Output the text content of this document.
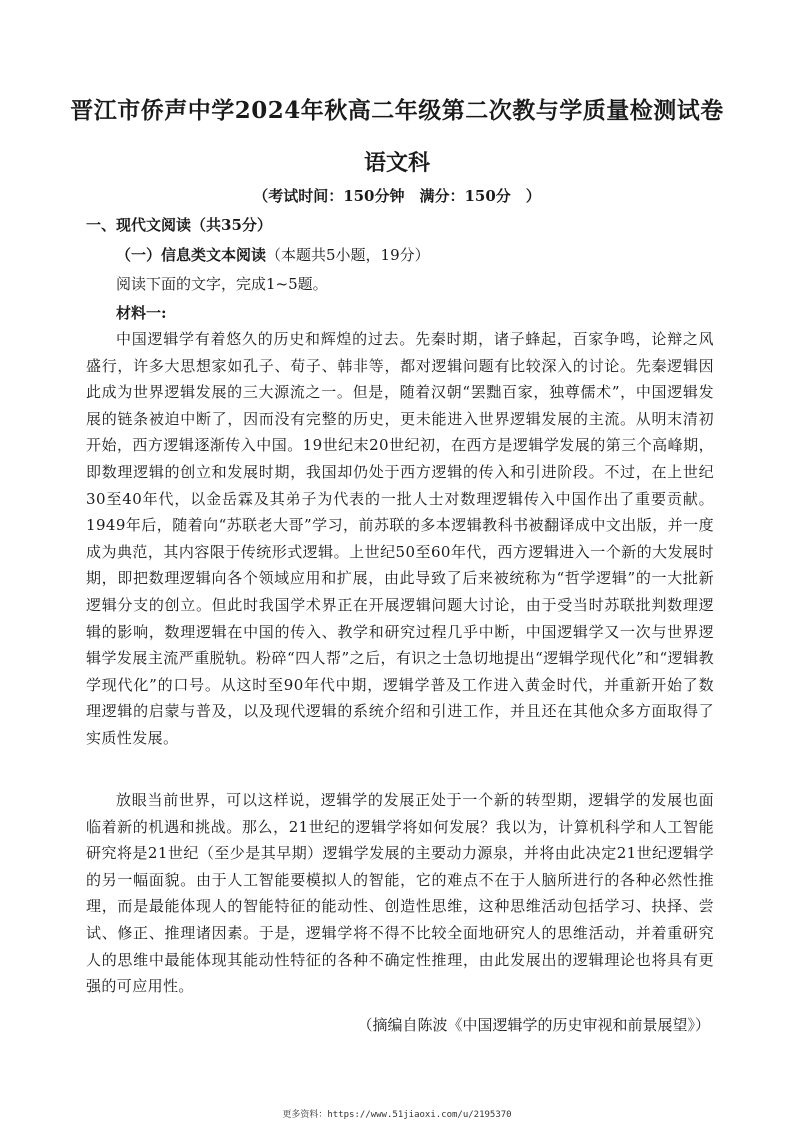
晋江市侨声中学2024年秋高二年级第二次教与学质量检测试卷
语文科
（考试时间：150分钟　满分：150分　）
一、现代文阅读（共35分）
（一）信息类文本阅读（本题共5小题，19分）
阅读下面的文字，完成1~5题。
材料一:
中国逻辑学有着悠久的历史和辉煌的过去。先秦时期，诸子蜂起，百家争鸣，论辩之风盛行，许多大思想家如孔子、荀子、韩非等，都对逻辑问题有比较深入的讨论。先秦逻辑因此成为世界逻辑发展的三大源流之一。但是，随着汉朝“罢黜百家，独尊儒术”，中国逻辑发展的链条被迫中断了，因而没有完整的历史，更未能进入世界逻辑发展的主流。从明末清初开始，西方逻辑逐渐传入中国。19世纪末20世纪初，在西方是逻辑学发展的第三个高峰期，即数理逻辑的创立和发展时期，我国却仍处于西方逻辑的传入和引进阶段。不过，在上世纪30至40年代，以金岳霖及其弟子为代表的一批人士对数理逻辑传入中国作出了重要贡献。1949年后，随着向“苏联老大哥”学习，前苏联的多本逻辑教科书被翻译成中文出版，并一度成为典范，其内容限于传统形式逻辑。上世纪50至60年代，西方逻辑进入一个新的大发展时期，即把数理逻辑向各个领域应用和扩展，由此导致了后来被统称为“哲学逻辑”的一大批新逻辑分支的创立。但此时我国学术界正在开展逻辑问题大讨论，由于受当时苏联批判数理逻辑的影响，数理逻辑在中国的传入、教学和研究过程几乎中断，中国逻辑学又一次与世界逻辑学发展主流严重脱轨。粉碎“四人帮”之后，有识之士急切地提出“逻辑学现代化”和“逻辑教学现代化”的口号。从这时至90年代中期，逻辑学普及工作进入黄金时代，并重新开始了数理逻辑的启蒙与普及，以及现代逻辑的系统介绍和引进工作，并且还在其他众多方面取得了实质性发展。
放眼当前世界，可以这样说，逻辑学的发展正处于一个新的转型期，逻辑学的发展也面临着新的机遇和挑战。那么，21世纪的逻辑学将如何发展？我以为，计算机科学和人工智能研究将是21世纪（至少是其早期）逻辑学发展的主要动力源泉，并将由此决定21世纪逻辑学的另一幅面貌。由于人工智能要模拟人的智能，它的难点不在于人脑所进行的各种必然性推理，而是最能体现人的智能特征的能动性、创造性思维，这种思维活动包括学习、抉择、尝试、修正、推理诸因素。于是，逻辑学将不得不比较全面地研究人的思维活动，并着重研究人的思维中最能体现其能动性特征的各种不确定性推理，由此发展出的逻辑理论也将具有更强的可应用性。
（摘编自陈波《中国逻辑学的历史审视和前景展望》）
更多资料：https://www.51jiaoxi.com/u/2195370
